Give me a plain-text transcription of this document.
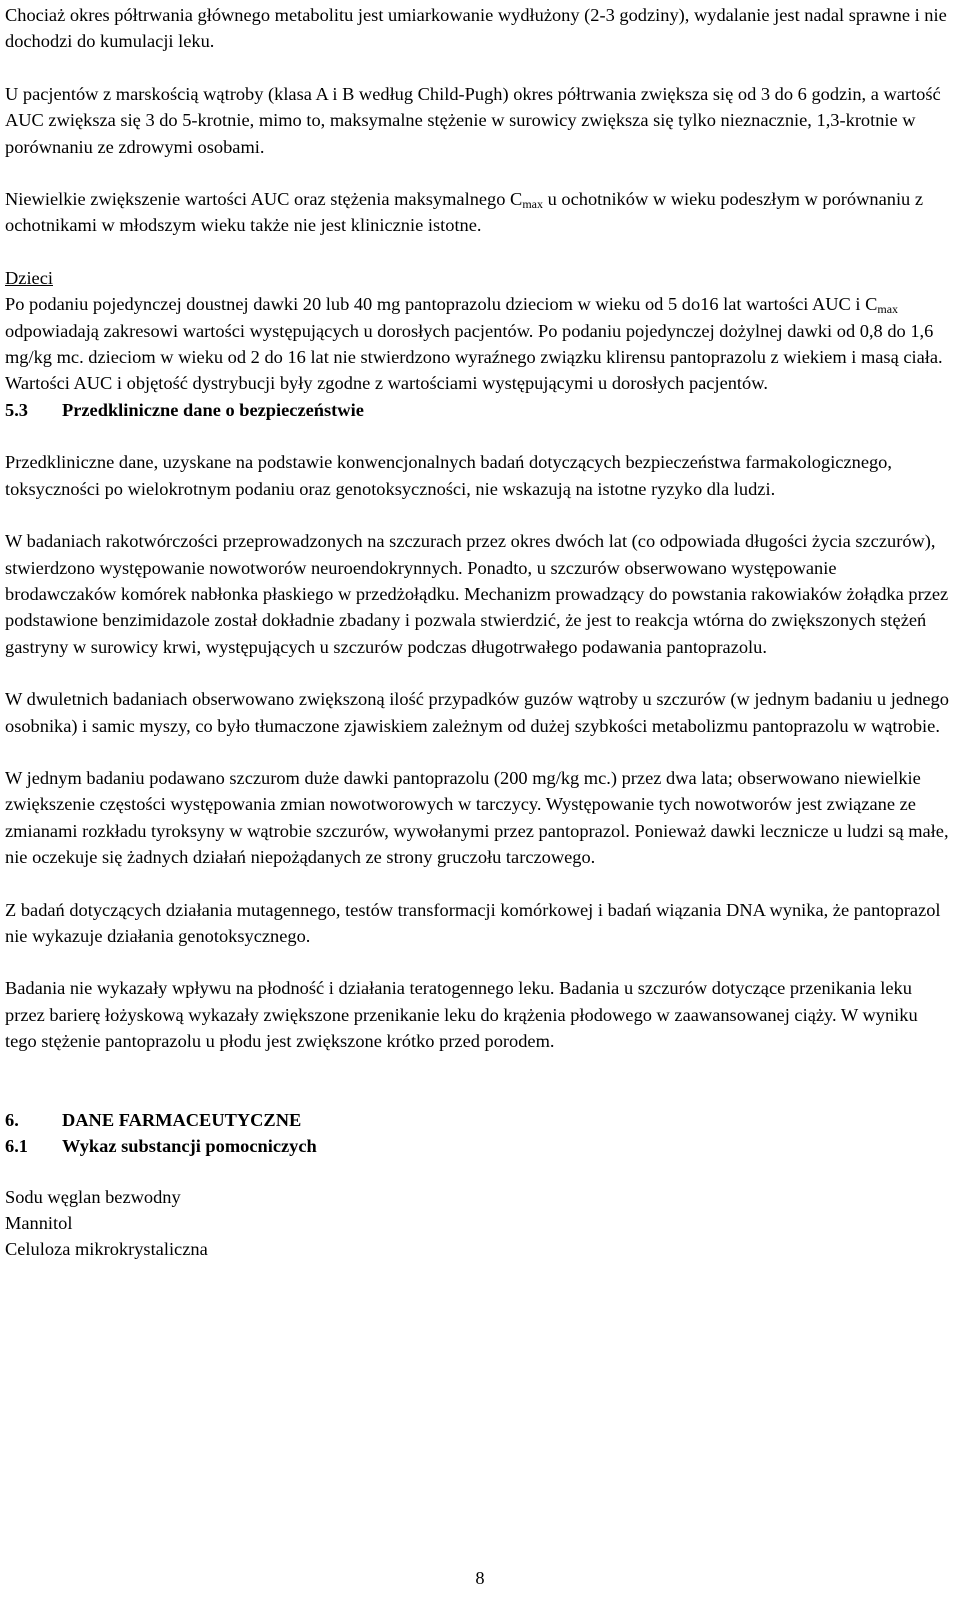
Chociaż okres półtrwania głównego metabolitu jest umiarkowanie wydłużony (2-3 godziny), wydalanie jest nadal sprawne i nie dochodzi do kumulacji leku.

U pacjentów z marskością wątroby (klasa A i B według Child-Pugh) okres półtrwania zwiększa się od 3 do 6 godzin, a wartość AUC zwiększa się 3 do 5-krotnie, mimo to, maksymalne stężenie w surowicy zwiększa się tylko nieznacznie, 1,3-krotnie w porównaniu ze zdrowymi osobami.

Niewielkie zwiększenie wartości AUC oraz stężenia maksymalnego $C_{max}$ u ochotników w wieku podeszłym w porównaniu z ochotnikami w młodszym wieku także nie jest klinicznie istotne.

Dzieci

Po podaniu pojedynczej doustnej dawki 20 lub 40 mg pantoprazolu dzieciom w wieku od 5 do16 lat wartości AUC i $C_{max}$ odpowiadają zakresowi wartości występujących u dorosłych pacjentów. Po podaniu pojedynczej dożylnej dawki od 0,8 do 1,6 mg/kg mc. dzieciom w wieku od 2 do 16 lat nie stwierdzono wyraźnego związku klirensu pantoprazolu z wiekiem i masą ciała. Wartości AUC i objętość dystrybucji były zgodne z wartościami występującymi u dorosłych pacjentów.

5.3 Przedkliniczne dane o bezpieczeństwie

Przedkliniczne dane, uzyskane na podstawie konwencjonalnych badań dotyczących bezpieczeństwa farmakologicznego, toksyczności po wielokrotnym podaniu oraz genotoksyczności, nie wskazują na istotne ryzyko dla ludzi.

W badaniach rakotwórczości przeprowadzonych na szczurach przez okres dwóch lat (co odpowiada długości życia szczurów), stwierdzono występowanie nowotworów neuroendokrynnych. Ponadto, u szczurów obserwowano występowanie brodawczaków komórek nabłonka płaskiego w przedżołądku. Mechanizm prowadzący do powstania rakowiaków żołądka przez podstawione benzimidazole został dokładnie zbadany i pozwala stwierdzić, że jest to reakcja wtórna do zwiększonych stężeń gastryny w surowicy krwi, występujących u szczurów podczas długotrwałego podawania pantoprazolu.

W dwuletnich badaniach obserwowano zwiększoną ilość przypadków guzów wątroby u szczurów (w jednym badaniu u jednego osobnika) i samic myszy, co było tłumaczone zjawiskiem zależnym od dużej szybkości metabolizmu pantoprazolu w wątrobie.

W jednym badaniu podawano szczurom duże dawki pantoprazolu (200 mg/kg mc.) przez dwa lata; obserwowano niewielkie zwiększenie częstości występowania zmian nowotworowych w tarczycy. Występowanie tych nowotworów jest związane ze zmianami rozkładu tyroksyny w wątrobie szczurów, wywołanymi przez pantoprazol. Ponieważ dawki lecznicze u ludzi są małe, nie oczekuje się żadnych działań niepożądanych ze strony gruczołu tarczowego.

Z badań dotyczących działania mutagennego, testów transformacji komórkowej i badań wiązania DNA wynika, że pantoprazol nie wykazuje działania genotoksycznego.

Badania nie wykazały wpływu na płodność i działania teratogennego leku. Badania u szczurów dotyczące przenikania leku przez barierę łożyskową wykazały zwiększone przenikanie leku do krążenia płodowego w zaawansowanej ciąży. W wyniku tego stężenie pantoprazolu u płodu jest zwiększone krótko przed porodem.

6. DANE FARMACEUTYCZNE

6.1 Wykaz substancji pomocniczych

Sodu węglan bezwodny

Mannitol

Celuloza mikrokrystaliczna

8
